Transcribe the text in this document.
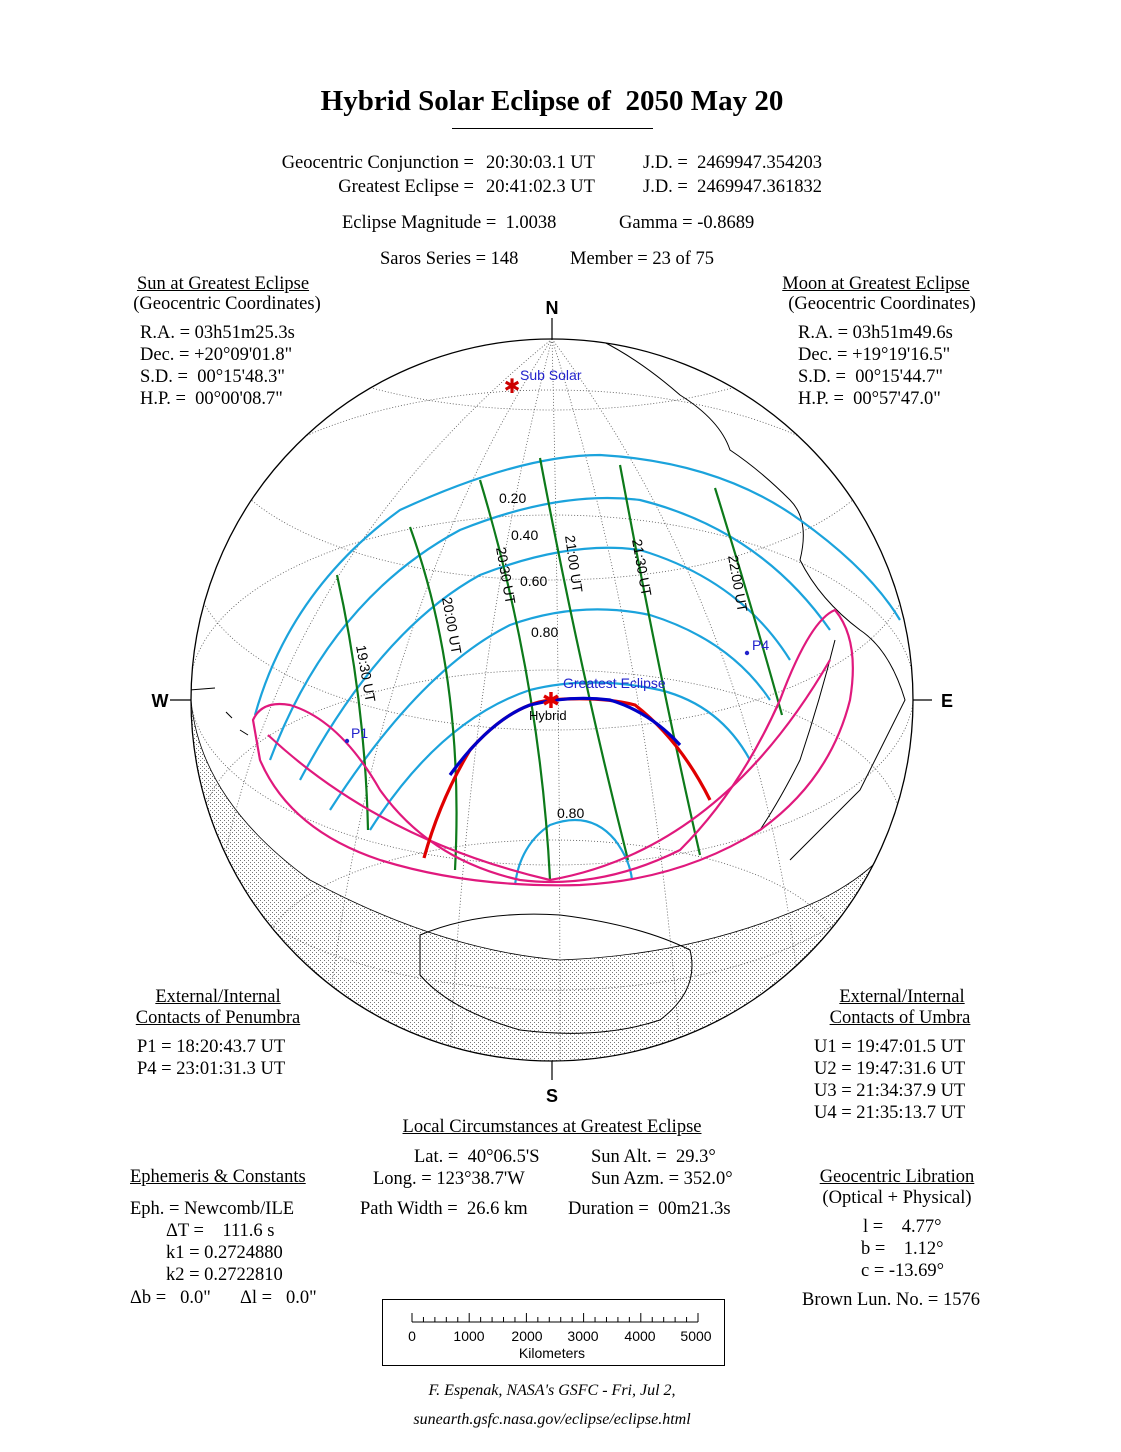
Hybrid Solar Eclipse of  2050 May 20
Geocentric Conjunction = 20:30:03.1 UT	J.D. =  2469947.354203
Greatest Eclipse = 20:41:02.3 UT	J.D. =  2469947.361832
Eclipse Magnitude =  1.0038	Gamma = -0.8689
Saros Series = 148	Member = 23 of 75
Sun at Greatest Eclipse
(Geocentric Coordinates)
R.A. = 03h51m25.3s
Dec. = +20°09'01.8"
S.D. =  00°15'48.3"
H.P. =  00°00'08.7"
Moon at Greatest Eclipse
(Geocentric Coordinates)
R.A. = 03h51m49.6s
Dec. = +19°19'16.5"
S.D. =  00°15'44.7"
H.P. =  00°57'47.0"
N
S
W	E
✱
Sub Solar
✱
Greatest Eclipse
Hybrid
P1
P4
0.20
0.40
0.60
0.80
0.80
19:30 UT
20:00 UT
20:30 UT	21:00 UT	21:30 UT	22:00 UT
External/Internal
Contacts of Penumbra
P1 = 18:20:43.7 UT
P4 = 23:01:31.3 UT
External/Internal
Contacts of Umbra
U1 = 19:47:01.5 UT
U2 = 19:47:31.6 UT
U3 = 21:34:37.9 UT
U4 = 21:35:13.7 UT
Local Circumstances at Greatest Eclipse
Lat. =  40°06.5'S
Long. = 123°38.7'W
Sun Alt. =  29.3°
Sun Azm. = 352.0°
Path Width =  26.6 km Duration =  00m21.3s
Ephemeris & Constants
Eph. = Newcomb/ILE
ΔT =    111.6 s
k1 = 0.2724880
k2 = 0.2722810
Δb =   0.0" Δl =   0.0"
Geocentric Libration
(Optical + Physical)
l =    4.77°
b =    1.12°
c = -13.69°
Brown Lun. No. = 1576
0	1000 2000 3000 4000 5000
Kilometers
F. Espenak, NASA's GSFC - Fri, Jul 2,
sunearth.gsfc.nasa.gov/eclipse/eclipse.html
